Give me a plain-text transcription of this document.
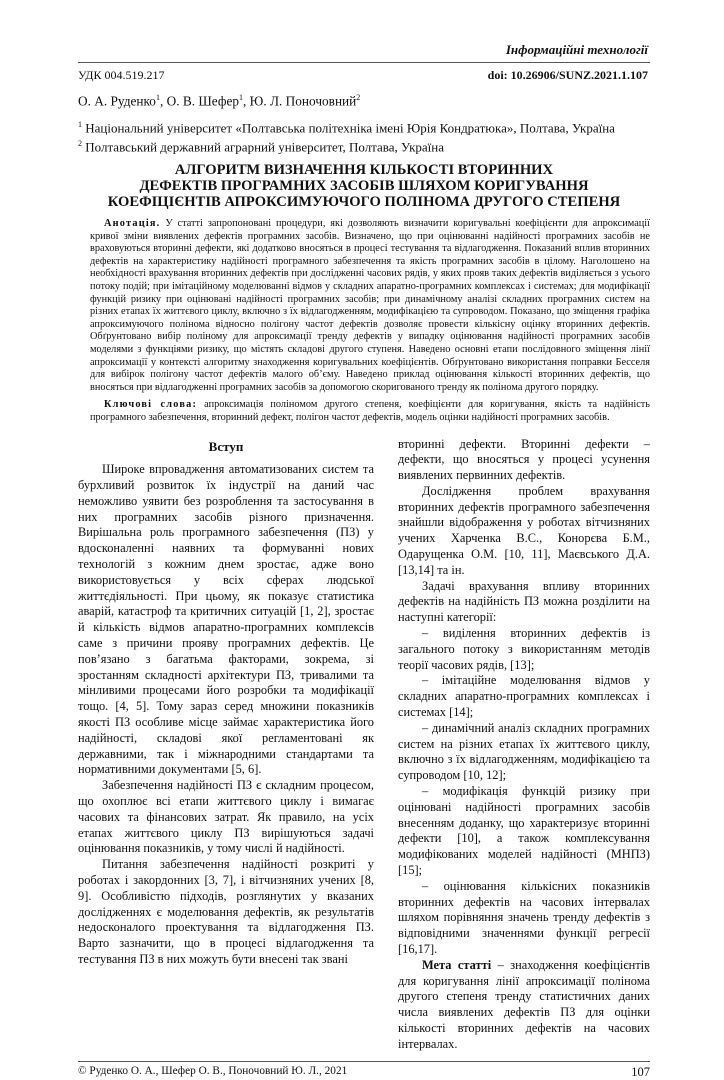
Інформаційні технології
УДК 004.519.217	doi: 10.26906/SUNZ.2021.1.107
О. А. Руденко$^1$, О. В. Шефер$^1$, Ю. Л. Поночовний$^2$
$^1$ Національний університет «Полтавська політехніка імені Юрія Кондратюка», Полтава, Україна
$^2$ Полтавський державний аграрний університет, Полтава, Україна
АЛГОРИТМ ВИЗНАЧЕННЯ КІЛЬКОСТІ ВТОРИННИХ
ДЕФЕКТІВ ПРОГРАМНИХ ЗАСОБІВ ШЛЯХОМ КОРИГУВАННЯ
КОЕФІЦІЄНТІВ АПРОКСИМУЮЧОГО ПОЛІНОМА ДРУГОГО СТЕПЕНЯ

Анотація. У статті запропоновані процедури, які дозволяють визначити коригувальні коефіцієнти для апроксимації кривої зміни виявлених дефектів програмних засобів. Визначено, що при оцінюванні надійності програмних засобів не враховуються вторинні дефекти, які додатково вносяться в процесі тестування та відлагодження. Показаний вплив вторинних дефектів на характеристику надійності програмного забезпечення та якість програмних засобів в цілому. Наголошено на необхідності врахування вторинних дефектів при дослідженні часових рядів, у яких прояв таких дефектів виділяється з усього потоку подій; при імітаційному моделюванні відмов у складних апаратно-програмних комплексах і системах; для модифікації функцій ризику при оцінювані надійності програмних засобів; при динамічному аналізі складних програмних систем на різних етапах їх життєвого циклу, включно з їх відлагодженням, модифікацією та супроводом. Показано, що зміщення графіка апроксимуючого полінома відносно полігону частот дефектів дозволяє провести кількісну оцінку вторинних дефектів. Обґрунтовано вибір поліному для апроксимації тренду дефектів у випадку оцінювання надійності програмних засобів моделями з функціями ризику, що містять складові другого ступеня. Наведено основні етапи послідовного зміщення лінії апроксимації у контексті алгоритму знаходження коригувальних коефіцієнтів. Обґрунтовано використання поправки Бесселя для вибірок полігону частот дефектів малого об’єму. Наведено приклад оцінювання кількості вторинних дефектів, що вносяться при відлагодженні програмних засобів за допомогою скоригованого тренду як полінома другого порядку.

Ключові слова: апроксимація поліномом другого степеня, коефіцієнти для коригування, якість та надійність програмного забезпечення, вторинний дефект, полігон частот дефектів, модель оцінки надійності програмних засобів.

Вступ

Широке впровадження автоматизованих систем та бурхливий розвиток їх індустрії на даний час неможливо уявити без розроблення та застосування в них програмних засобів різного призначення. Вирішальна роль програмного забезпечення (ПЗ) у вдосконаленні наявних та формуванні нових технологій з кожним днем зростає, адже воно використовується у всіх сферах людської життєдіяльності. При цьому, як показує статистика аварій, катастроф та критичних ситуацій [1, 2], зростає й кількість відмов апаратно-програмних комплексів саме з причини прояву програмних дефектів. Це пов’язано з багатьма факторами, зокрема, зі зростанням складності архітектури ПЗ, тривалими та мінливими процесами його розробки та модифікації тощо. [4, 5]. Тому зараз серед множини показників якості ПЗ особливе місце займає характеристика його надійності, складові якої регламентовані як державними, так і міжнародними стандартами та нормативними документами [5, 6].

Забезпечення надійності ПЗ є складним процесом, що охоплює всі етапи життєвого циклу і вимагає часових та фінансових затрат. Як правило, на усіх етапах життєвого циклу ПЗ вирішуються задачі оцінювання показників, у тому числі й надійності.

Питання забезпечення надійності розкриті у роботах і закордонних [3, 7], і вітчизняних учених [8, 9]. Особливістю підходів, розглянутих у вказаних дослідженнях є моделювання дефектів, як результатів недосконалого проектування та відлагодження ПЗ. Варто зазначити, що в процесі відлагодження та тестування ПЗ в них можуть бути внесені так звані

вторинні дефекти. Вторинні дефекти – дефекти, що вносяться у процесі усунення виявлених первинних дефектів.

Дослідження проблем врахування вторинних дефектів програмного забезпечення знайшли відображення у роботах вітчизняних учених Харченка В.С., Конорєва Б.М., Одарущенка О.М. [10, 11], Маєвського Д.А. [13,14] та ін.

Задачі врахування впливу вторинних дефектів на надійність ПЗ можна розділити на наступні категорії:

– виділення вторинних дефектів із загального потоку з використанням методів теорії часових рядів, [13];

– імітаційне моделювання відмов у складних апаратно-програмних комплексах і системах [14];

– динамічний аналіз складних програмних систем на різних етапах їх життєвого циклу, включно з їх відлагодженням, модифікацією та супроводом [10, 12];

– модифікація функцій ризику при оцінювані надійності програмних засобів внесенням доданку, що характеризує вторинні дефекти [10], а також комплексування модифікованих моделей надійності (МНПЗ) [15];

– оцінювання кількісних показників вторинних дефектів на часових інтервалах шляхом порівняння значень тренду дефектів з відповідними значеннями функції регресії [16,17].

Мета статті – знаходження коефіцієнтів для коригування лінії апроксимації полінома другого степеня тренду статистичних даних числа виявлених дефектів ПЗ для оцінки кількості вторинних дефектів на часових інтервалах.

© Руденко О. А., Шефер О. В., Поночовний Ю. Л., 2021	107
